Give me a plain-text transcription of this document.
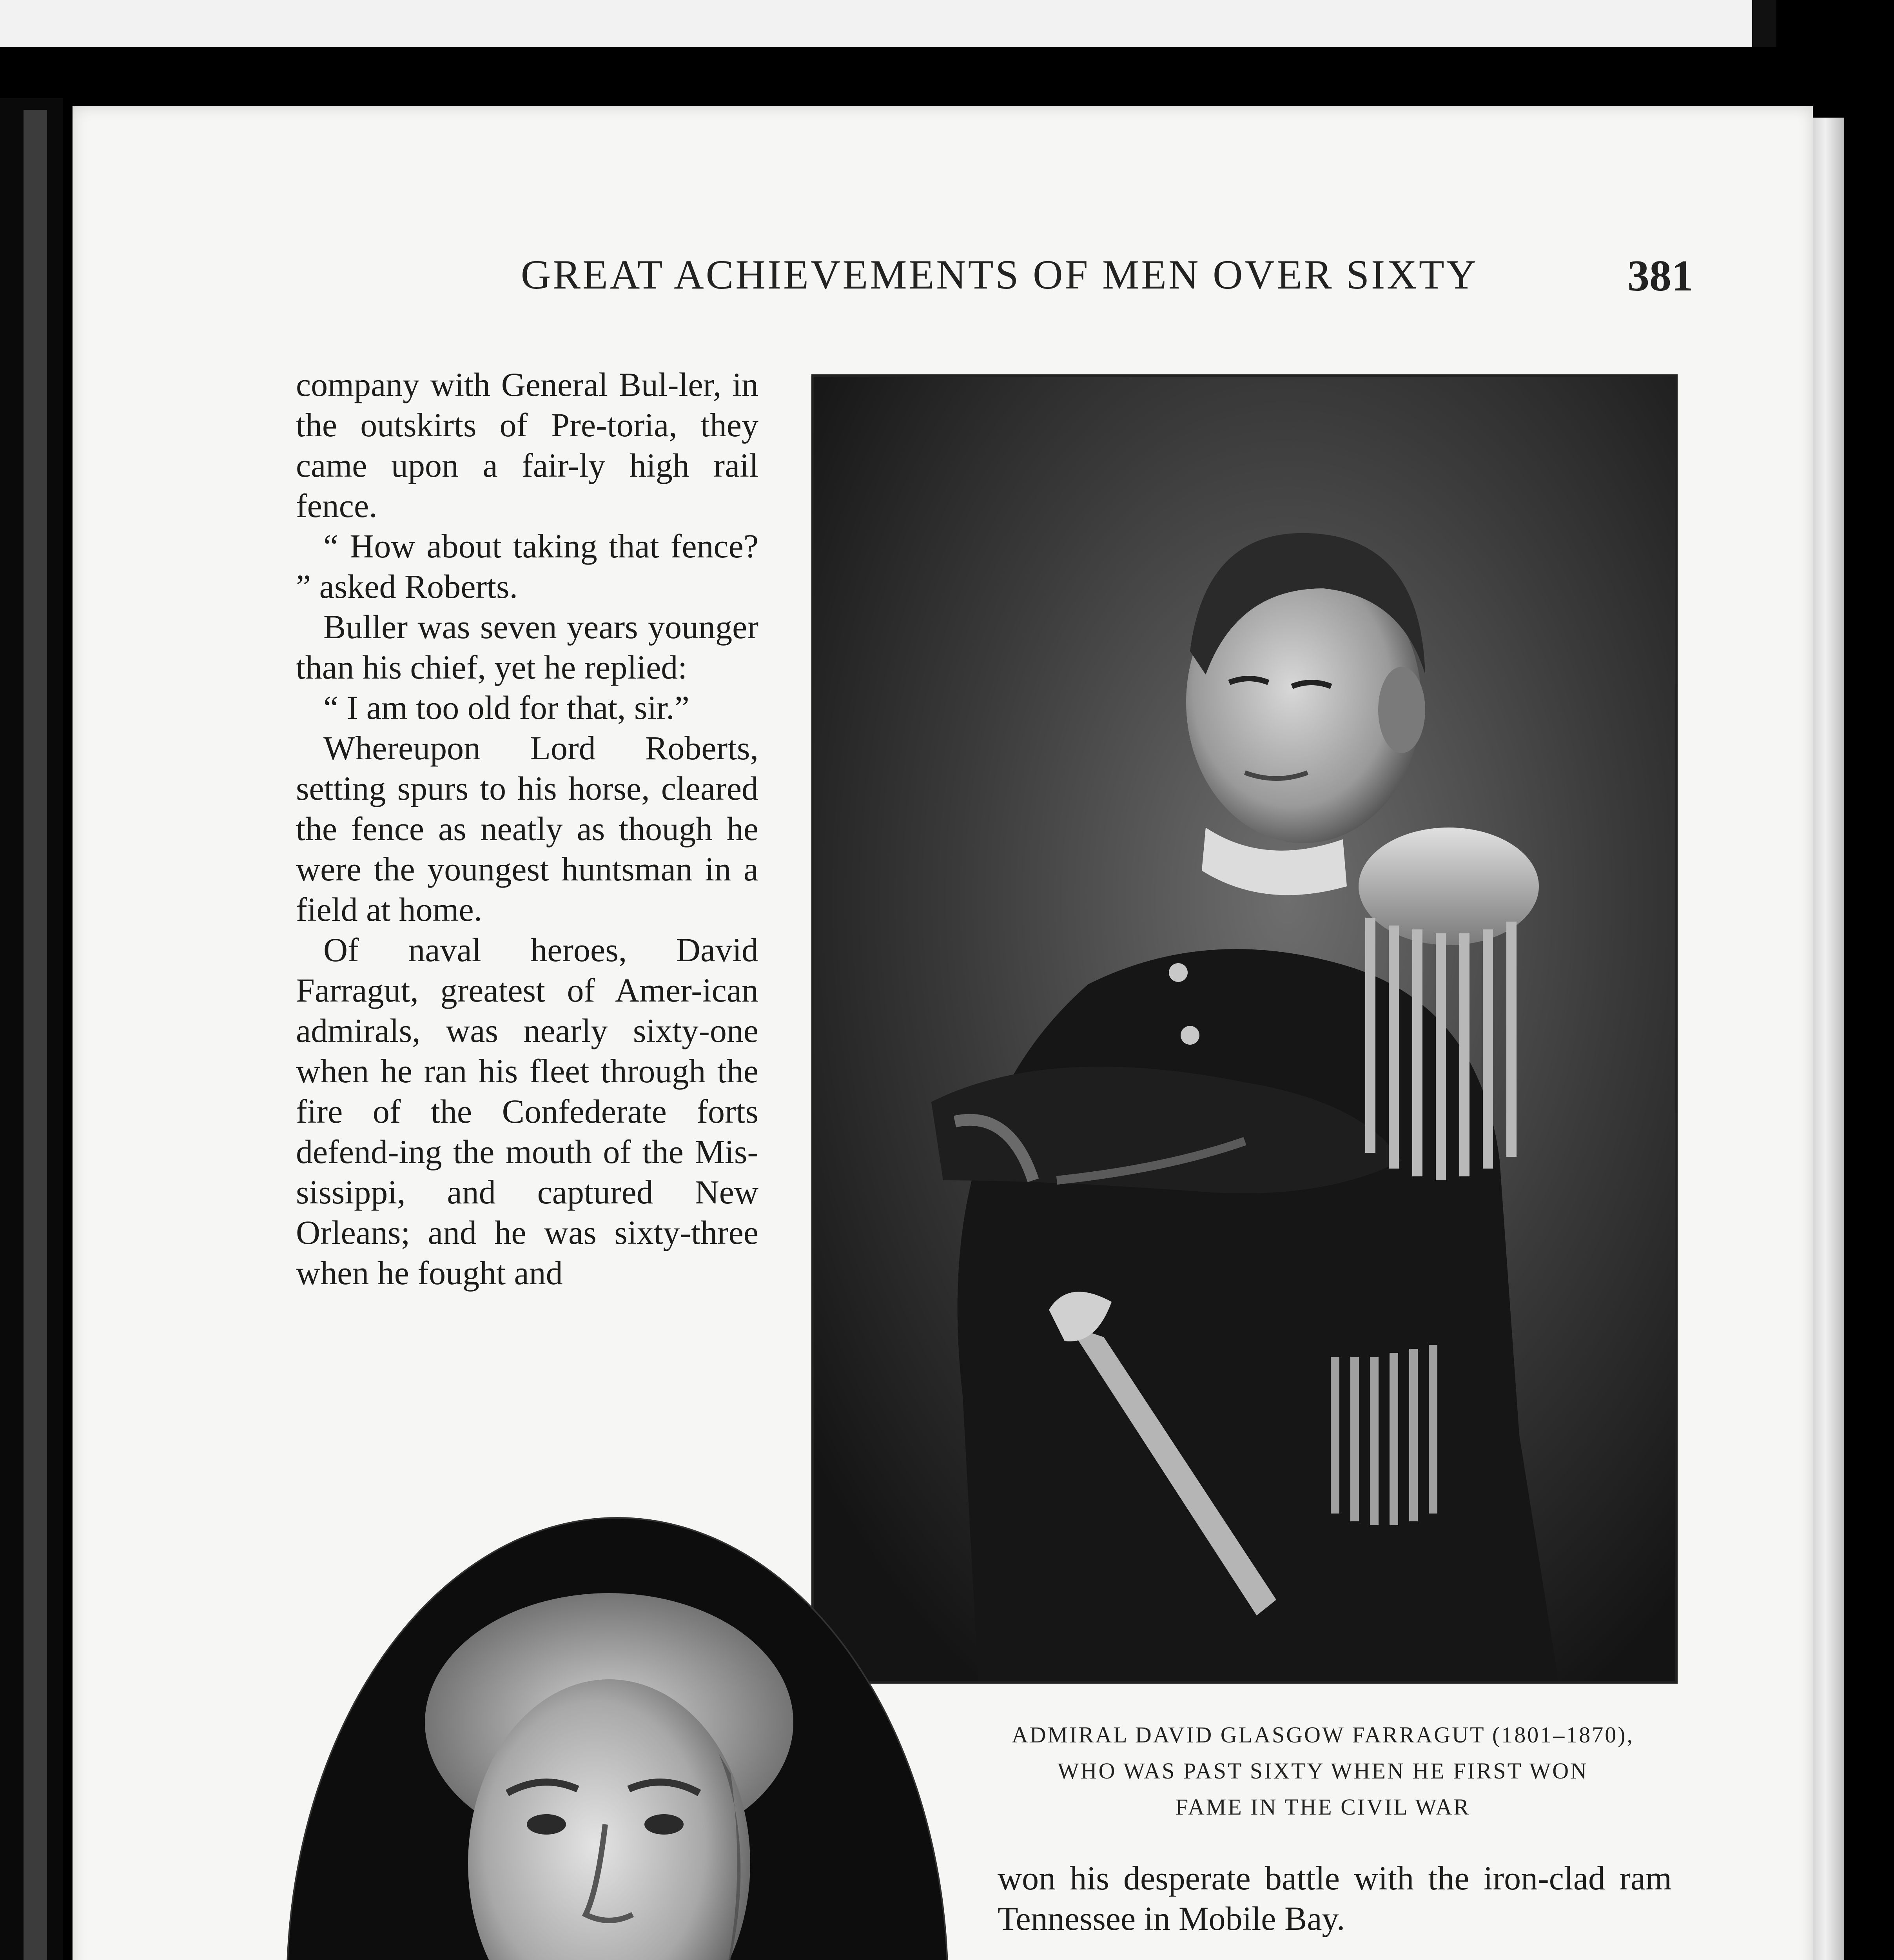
GREAT ACHIEVEMENTS OF MEN OVER SIXTY	381

company with General Bul-ler, in the outskirts of Pre-toria, they came upon a fair-ly high rail fence.

“ How about taking that fence? ” asked Roberts.

Buller was seven years younger than his chief, yet he replied:

“ I am too old for that, sir.”

Whereupon Lord Roberts, setting spurs to his horse, cleared the fence as neatly as though he were the youngest huntsman in a field at home.

Of naval heroes, David Farragut, greatest of Amer-ican admirals, was nearly sixty-one when he ran his fleet through the fire of the Confederate forts defend-ing the mouth of the Mis-sissippi, and captured New Orleans; and he was sixty-three when he fought and

ADMIRAL DAVID GLASGOW FARRAGUT (1801–1870),
WHO WAS PAST SIXTY WHEN HE FIRST WON
FAME IN THE CIVIL WAR

won his desperate battle with the iron-clad ram Tennessee in Mobile Bay.
